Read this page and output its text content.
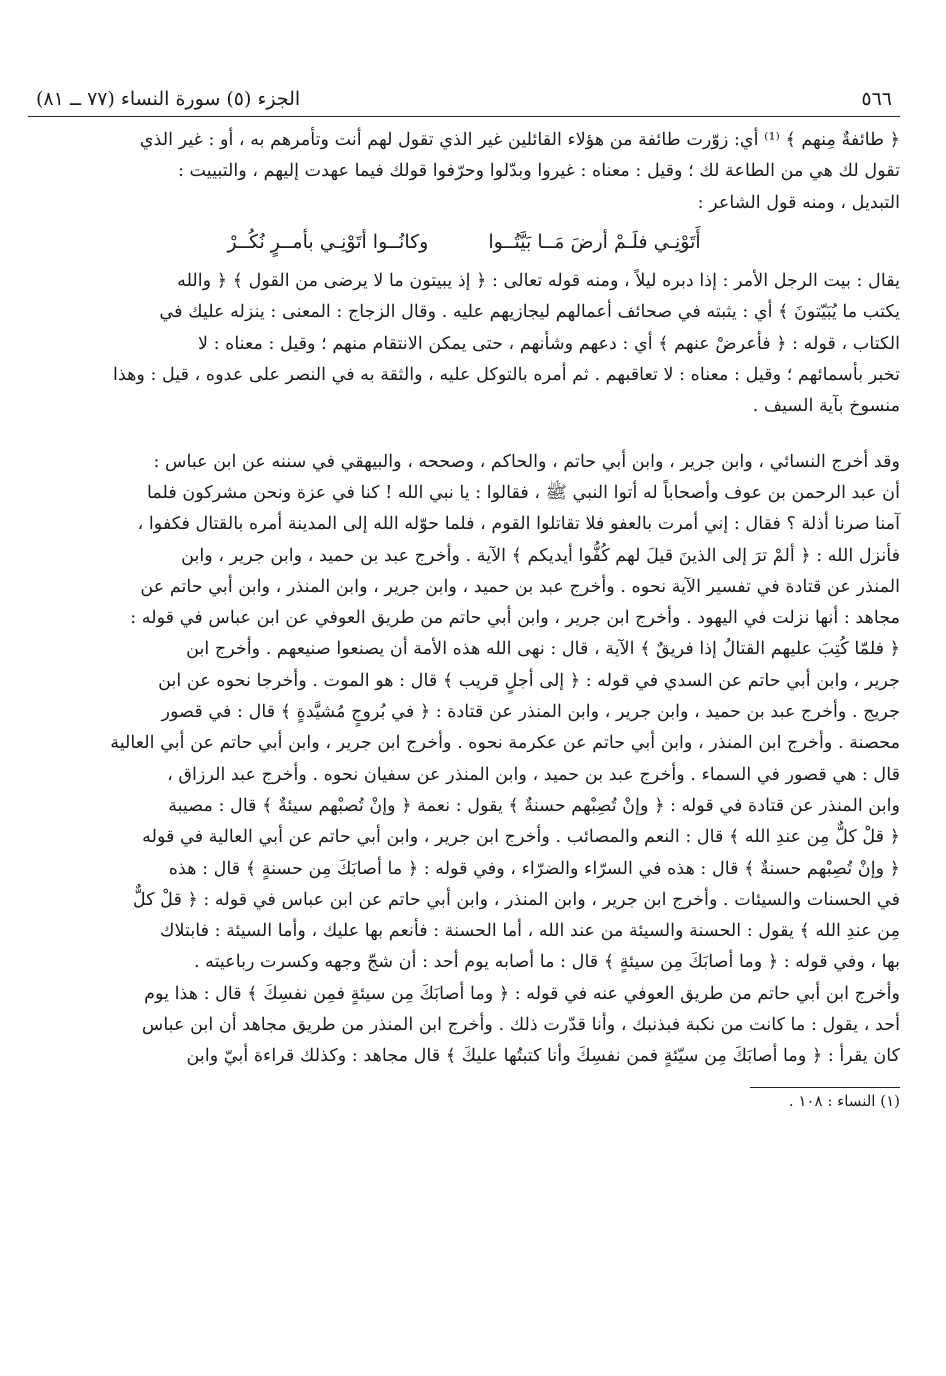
٥٦٦
الجزء (٥) سورة النساء (٧٧ ــ ٨١)

﴿ طائفةٌ مِنهم ﴾ ⁽¹⁾ أي: زوّرت طائفة من هؤلاء القائلين غير الذي تقول لهم أنت وتأمرهم به ، أو : غير الذي

تقول لك هي من الطاعة لك ؛ وقيل : معناه : غيروا وبدّلوا وحرّفوا قولك فيما عهدت إليهم ، والتبييت :

التبديل ، ومنه قول الشاعر :

أَتَوْنِـي فلَـمْ أرضَ مَــا بَيَّتُــوا
وكانُــوا أتَوْنِـي بأمــرٍ نُكُــرْ

يقال : بيت الرجل الأمر : إذا دبره ليلاً ، ومنه قوله تعالى : ﴿ إذ يبيتون ما لا يرضى من القول ﴾ ﴿ والله

يكتب ما يُبَيّتونَ ﴾ أي : يثبته في صحائف أعمالهم ليجازيهم عليه . وقال الزجاج : المعنى : ينزله عليك في

الكتاب ، قوله : ﴿ فأعرضْ عنهم ﴾ أي : دعهم وشأنهم ، حتى يمكن الانتقام منهم ؛ وقيل : معناه : لا

تخبر بأسمائهم ؛ وقيل : معناه : لا تعاقبهم . ثم أمره بالتوكل عليه ، والثقة به في النصر على عدوه ، قيل : وهذا

منسوخ بآية السيف .

وقد أخرج النسائي ، وابن جرير ، وابن أبي حاتم ، والحاكم ، وصححه ، والبيهقي في سننه عن ابن عباس :

أن عبد الرحمن بن عوف وأصحاباً له أتوا النبي ﷺ ، فقالوا : يا نبي الله ! كنا في عزة ونحن مشركون فلما

آمنا صرنا أذلة ؟ فقال : إني أمرت بالعفو فلا تقاتلوا القوم ، فلما حوّله الله إلى المدينة أمره بالقتال فكفوا ،

فأنزل الله : ﴿ ألمْ ترَ إلى الذينَ قيلَ لهم كُفُّوا أيديكم ﴾ الآية . وأخرج عبد بن حميد ، وابن جرير ، وابن

المنذر عن قتادة في تفسير الآية نحوه . وأخرج عبد بن حميد ، وابن جرير ، وابن المنذر ، وابن أبي حاتم عن

مجاهد : أنها نزلت في اليهود . وأخرج ابن جرير ، وابن أبي حاتم من طريق العوفي عن ابن عباس في قوله :

﴿ فلمّا كُتِبَ عليهم القتالُ إذا فريقٌ ﴾ الآية ، قال : نهى الله هذه الأمة أن يصنعوا صنيعهم . وأخرج ابن

جرير ، وابن أبي حاتم عن السدي في قوله : ﴿ إلى أجلٍ قريب ﴾ قال : هو الموت . وأخرجا نحوه عن ابن

جريج . وأخرج عبد بن حميد ، وابن جرير ، وابن المنذر عن قتادة : ﴿ في بُروجٍ مُشيَّدةٍ ﴾ قال : في قصور

محصنة . وأخرج ابن المنذر ، وابن أبي حاتم عن عكرمة نحوه . وأخرج ابن جرير ، وابن أبي حاتم عن أبي العالية

قال : هي قصور في السماء . وأخرج عبد بن حميد ، وابن المنذر عن سفيان نحوه . وأخرج عبد الرزاق ،

وابن المنذر عن قتادة في قوله : ﴿ وإنْ تُصِبْهم حسنةٌ ﴾ يقول : نعمة ﴿ وإنْ تُصبْهم سيئةٌ ﴾ قال : مصيبة

﴿ قلْ كلٌّ مِن عندِ الله ﴾ قال : النعم والمصائب . وأخرج ابن جرير ، وابن أبي حاتم عن أبي العالية في قوله

﴿ وإنْ تُصِبْهم حسنةٌ ﴾ قال : هذه في السرّاء والضرّاء ، وفي قوله : ﴿ ما أصابَكَ مِن حسنةٍ ﴾ قال : هذه

في الحسنات والسيئات . وأخرج ابن جرير ، وابن المنذر ، وابن أبي حاتم عن ابن عباس في قوله : ﴿ قلْ كلٌّ

مِن عندِ الله ﴾ يقول : الحسنة والسيئة من عند الله ، أما الحسنة : فأنعم بها عليك ، وأما السيئة : فابتلاك

بها ، وفي قوله : ﴿ وما أصابَكَ مِن سيئةٍ ﴾ قال : ما أصابه يوم أحد : أن شجّ وجهه وكسرت رباعيته .

وأخرج ابن أبي حاتم من طريق العوفي عنه في قوله : ﴿ وما أصابَكَ مِن سيئةٍ فمِن نفسِكَ ﴾ قال : هذا يوم

أحد ، يقول : ما كانت من نكبة فبذنبك ، وأنا قدّرت ذلك . وأخرج ابن المنذر من طريق مجاهد أن ابن عباس

كان يقرأ : ﴿ وما أصابَكَ مِن سيّئةٍ فمن نفسِكَ وأنا كتبتُها عليكَ ﴾ قال مجاهد : وكذلك قراءة أبيّ وابن

(١) النساء : ١٠٨ .
